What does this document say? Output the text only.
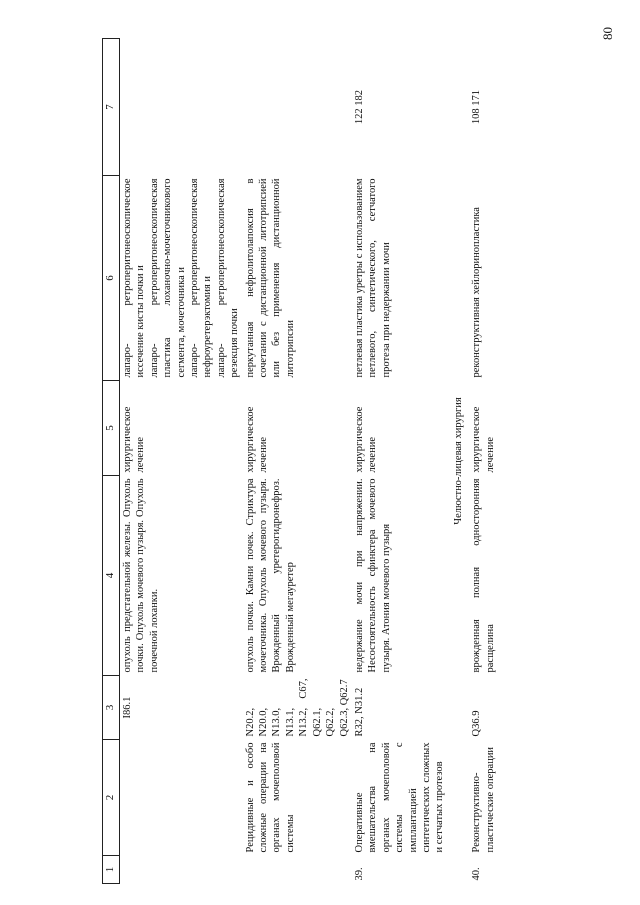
80
1	2	3	4	5	6	7
		I86.1	опухоль предстательной железы. Опухоль почки. Опухоль мочевого пузыря. Опухоль почечной лоханки.	хирургическое лечение	лапаро- ретроперитонеоскопическое иссечение кисты почки и лапаро- ретроперитонеоскопическая пластика лоханочно-мочеточникового сегмента, мочеточника и лапаро- ретроперитонеоскопическая нефроуретерэктомия и лапаро- ретроперитонеоскопическая резекция почки	

	Рецидивные и особо сложные операции на органах мочеполовой системы	N20.2, N20.0, N13.0, N13.1, N13.2, C67, Q62.1, Q62.2, Q62.3, Q62.7	опухоль почки. Камни почек. Стриктура мочеточника. Опухоль мочевого пузыря. Врожденный уретерогидронефроз. Врожденный мегауретер	хирургическое лечение	перкутанная нефролитолапоксия в сочетании с дистанционной литотрипсией или без применения дистанционной литотрипсии	
39.	Оперативные вмешательства на органах мочеполовой системы с имплантацией синтетических сложных и сетчатых протезов	R32, N31.2	недержание мочи при напряжении. Несостоятельность сфинктера мочевого пузыря. Атония мочевого пузыря	хирургическое лечение	петлевая пластика уретры с использованием петлевого, синтетического, сетчатого протеза при недержании мочи	122 182
Челюстно-лицевая хирургия						
40.	Реконструктивно-пластические операции	Q36.9	врожденная полная односторонняя расщелина	хирургическое лечение	реконструктивная хейлоринопластика	108 171
